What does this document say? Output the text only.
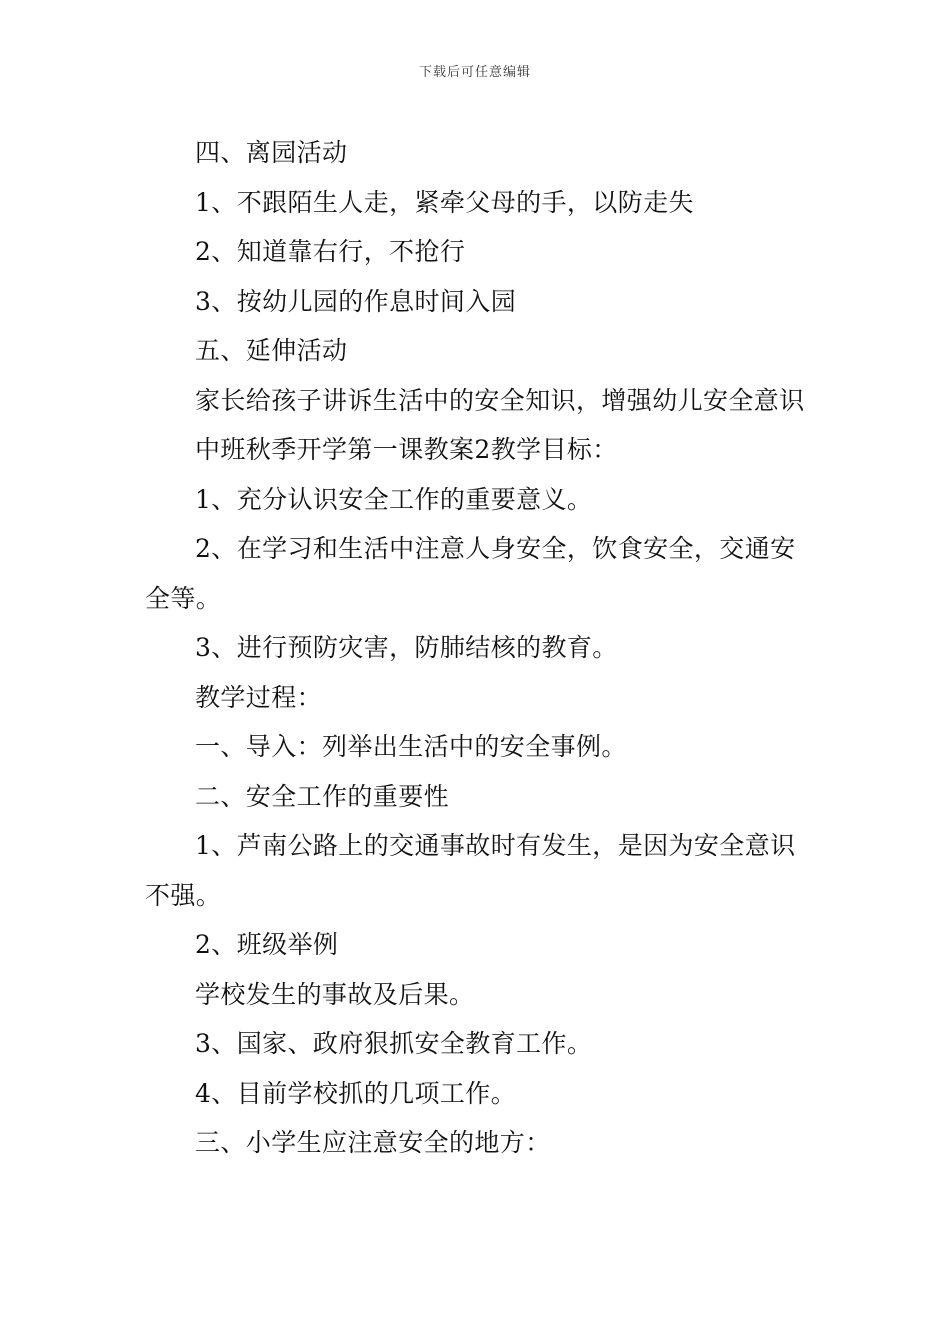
下载后可任意编辑

四、离园活动

1、不跟陌生人走，紧牵父母的手，以防走失

2、知道靠右行，不抢行

3、按幼儿园的作息时间入园

五、延伸活动

家长给孩子讲诉生活中的安全知识，增强幼儿安全意识

中班秋季开学第一课教案2教学目标：

1、充分认识安全工作的重要意义。

2、在学习和生活中注意人身安全，饮食安全，交通安全等。

3、进行预防灾害，防肺结核的教育。

教学过程：

一、导入：列举出生活中的安全事例。

二、安全工作的重要性

1、芦南公路上的交通事故时有发生，是因为安全意识不强。

2、班级举例

学校发生的事故及后果。

3、国家、政府狠抓安全教育工作。

4、目前学校抓的几项工作。

三、小学生应注意安全的地方：
